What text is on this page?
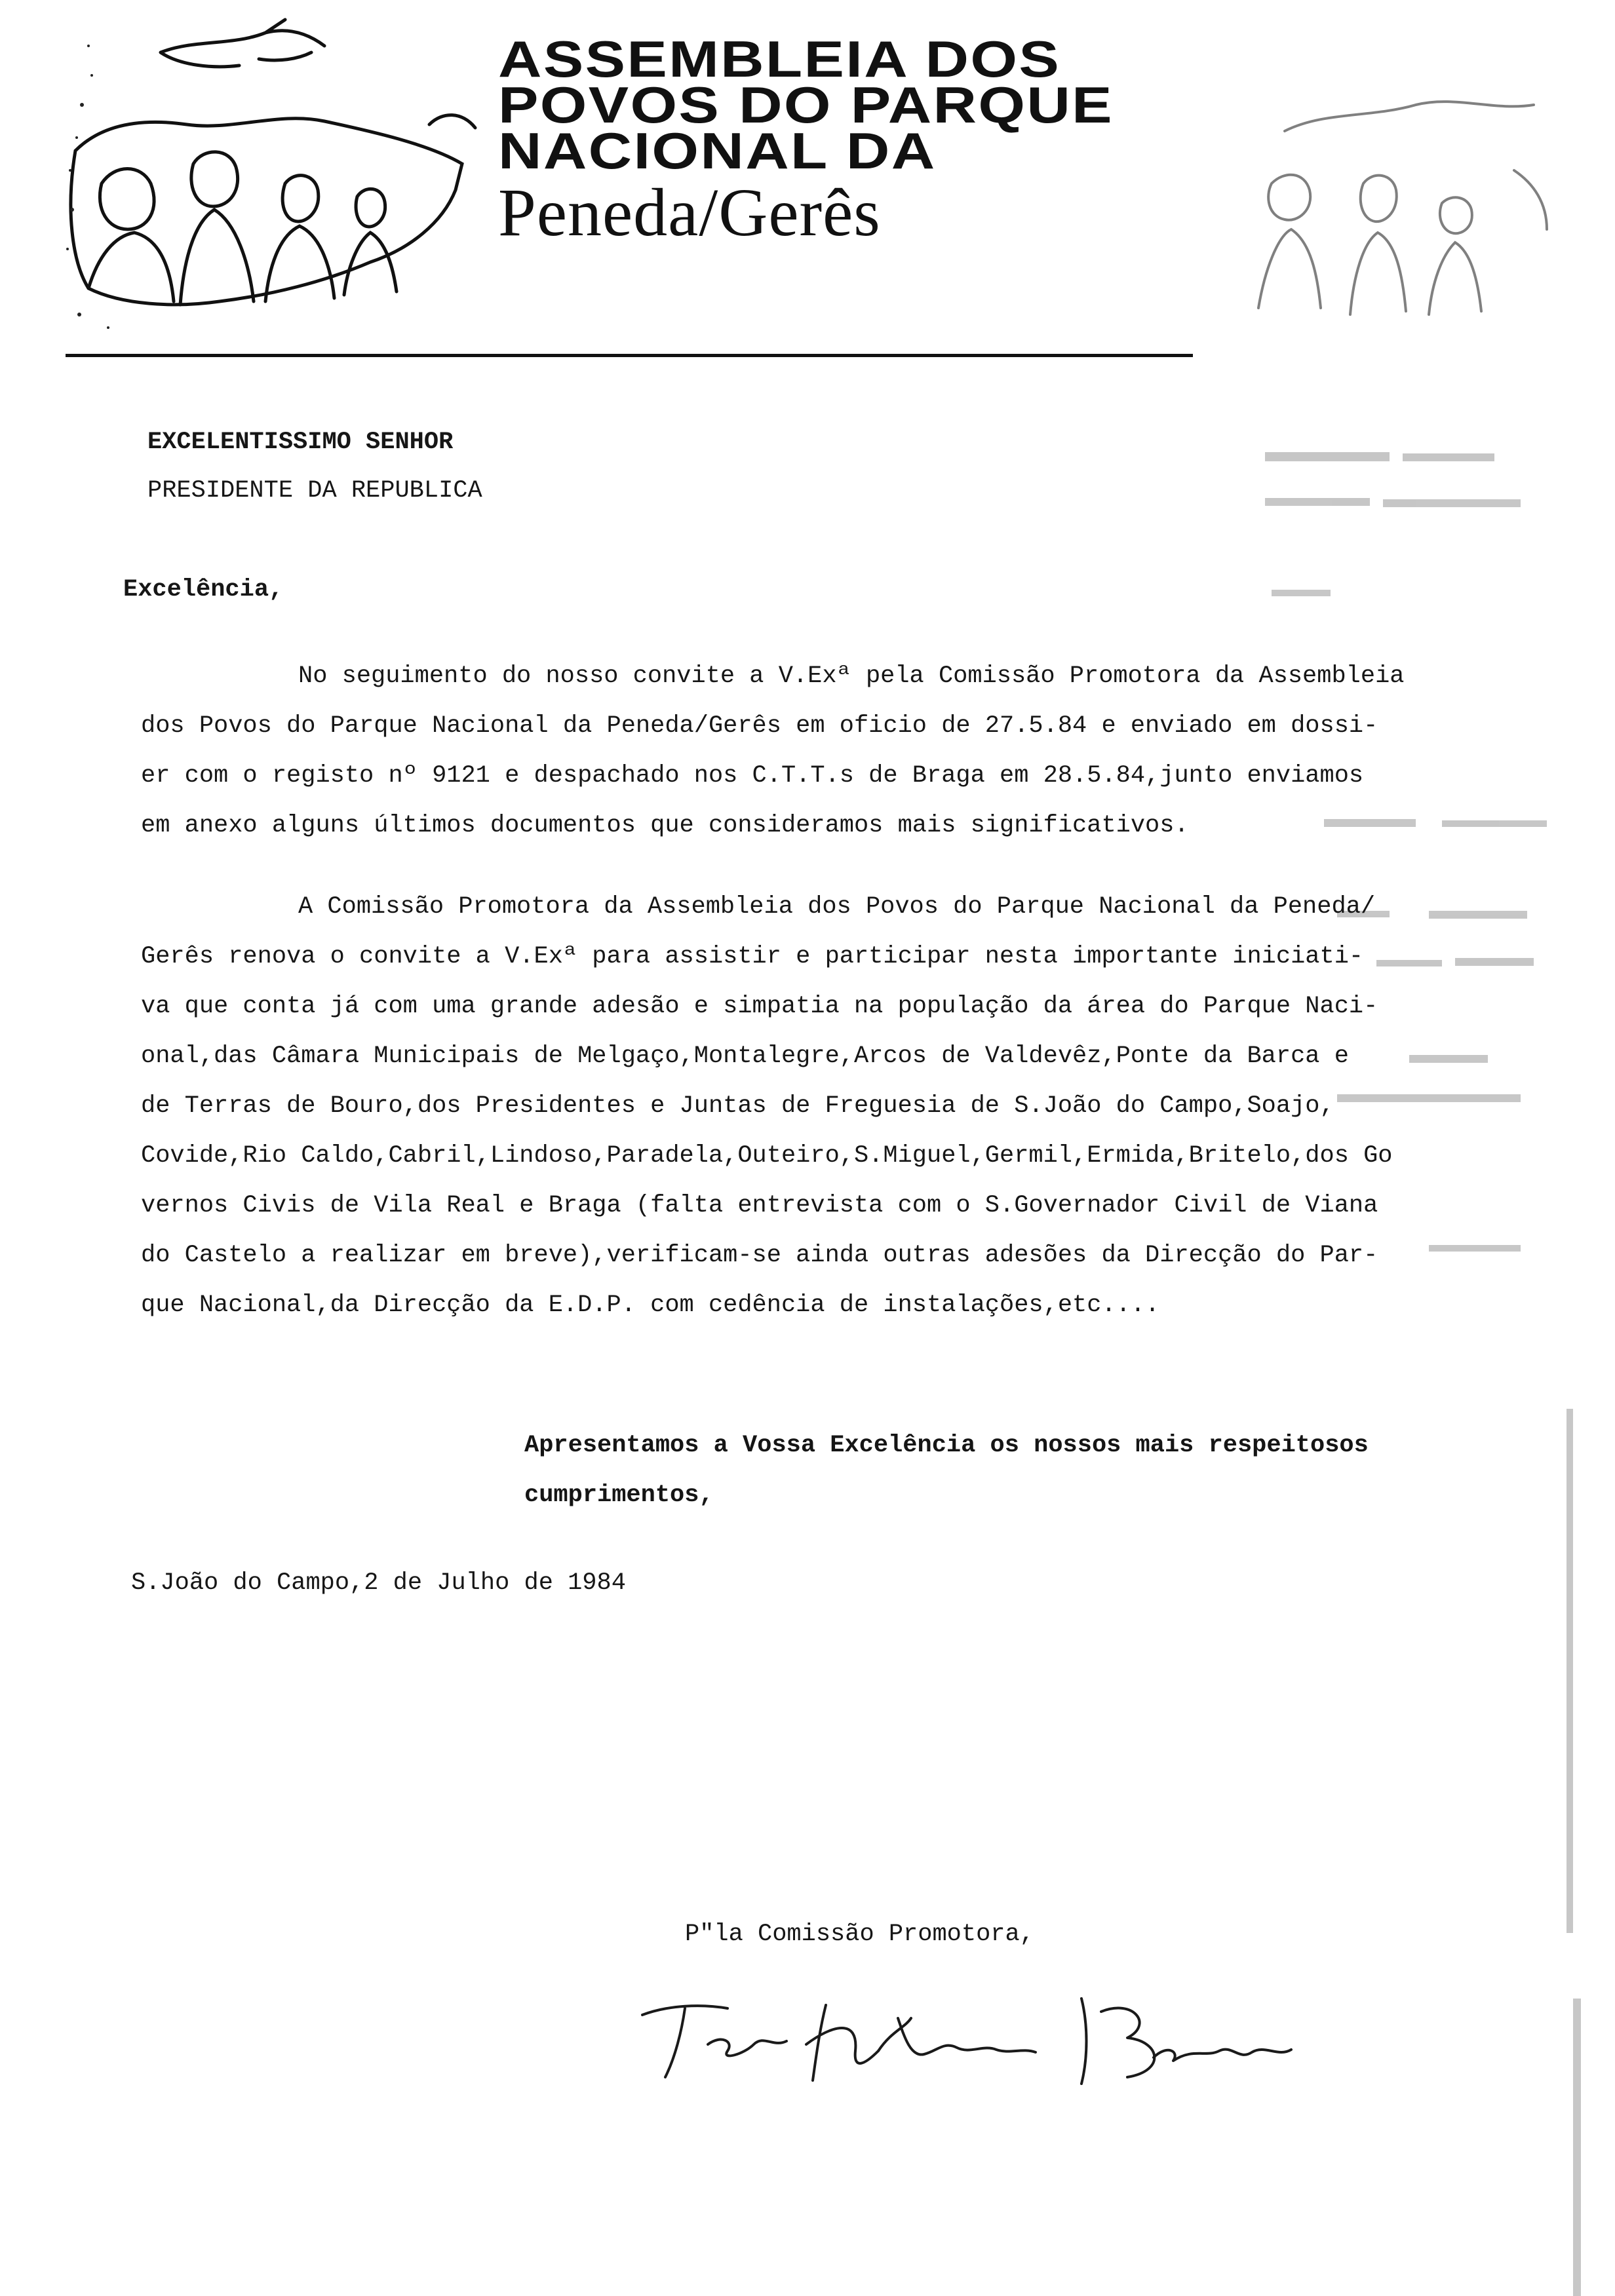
ASSEMBLEIA DOS
POVOS DO PARQUE
NACIONAL DA
Peneda/Gerês
EXCELENTISSIMO SENHOR
PRESIDENTE DA REPUBLICA
Excelência,

No seguimento do nosso convite a V.Exª pela Comissão Promotora da Assembleia
dos Povos do Parque Nacional da Peneda/Gerês em oficio de 27.5.84 e enviado em dossi-
er com o registo nº 9121 e despachado nos C.T.T.s de Braga em 28.5.84,junto enviamos
em anexo alguns últimos documentos que consideramos mais significativos.

A Comissão Promotora da Assembleia dos Povos do Parque Nacional da Peneda/
Gerês renova o convite a V.Exª para assistir e participar nesta importante iniciati-
va que conta já com uma grande adesão e simpatia na população da área do Parque Naci-
onal,das Câmara Municipais de Melgaço,Montalegre,Arcos de Valdevêz,Ponte da Barca e
de Terras de Bouro,dos Presidentes e Juntas de Freguesia de S.João do Campo,Soajo,
Covide,Rio Caldo,Cabril,Lindoso,Paradela,Outeiro,S.Miguel,Germil,Ermida,Britelo,dos Go
vernos Civis de Vila Real e Braga (falta entrevista com o S.Governador Civil de Viana
do Castelo a realizar em breve),verificam-se ainda outras adesões da Direcção do Par-
que Nacional,da Direcção da E.D.P. com cedência de instalações,etc....

Apresentamos a Vossa Excelência os nossos mais respeitosos
cumprimentos,

S.João do Campo,2 de Julho de 1984
P"la Comissão Promotora,
